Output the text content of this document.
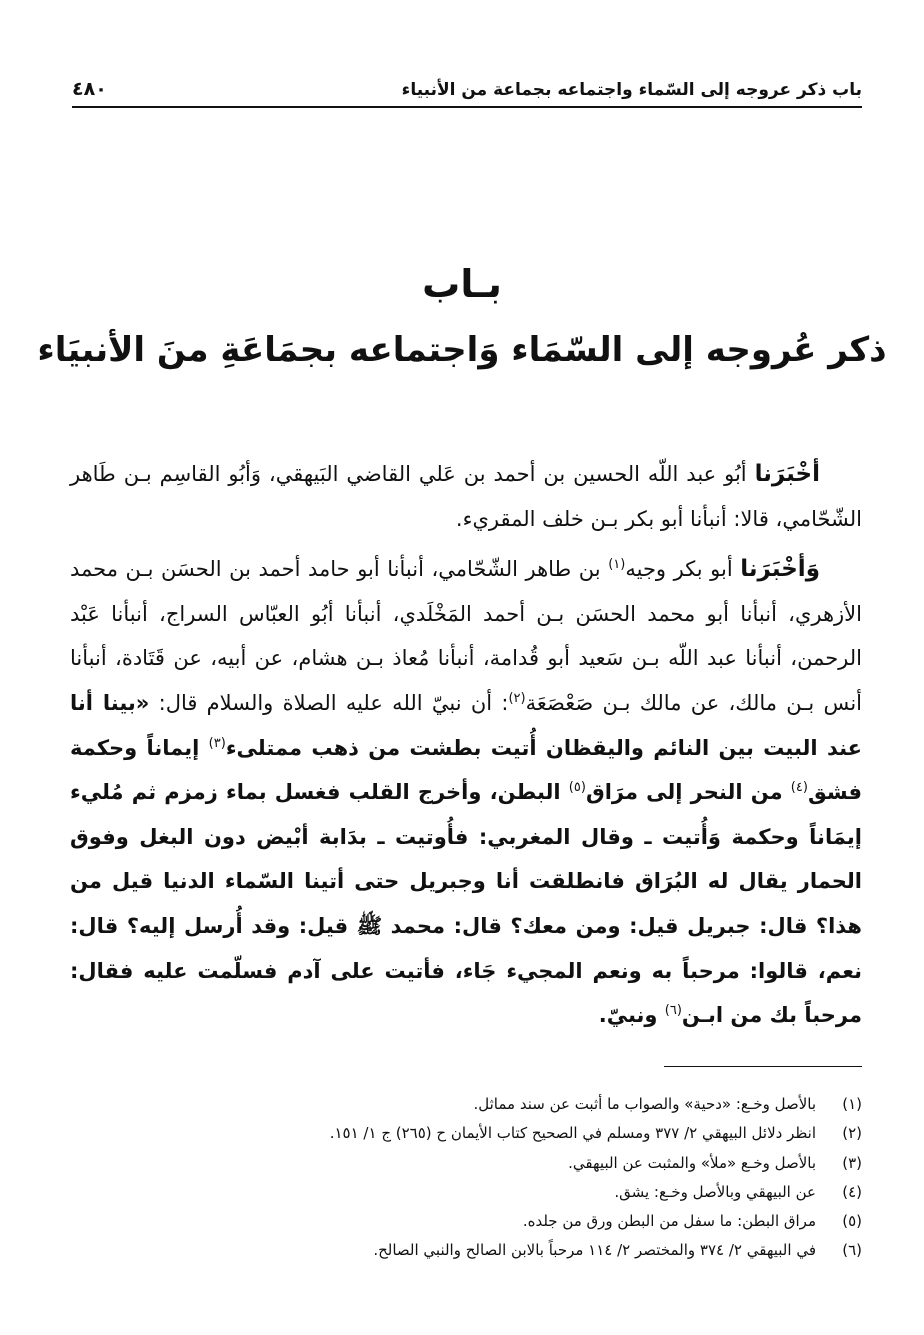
باب ذكر عروجه إلى السّماء واجتماعه بجماعة من الأنبياء
٤٨٠
بـاب
ذكر عُروجه إلى السّمَاء وَاجتماعه بجمَاعَةِ منَ الأنبيَاء

أخْبَرَنا أبُو عبد اللّه الحسين بن أحمد بن عَلي القاضي البَيهقي، وَأبُو القاسِم بـن طَاهر الشّحّامي، قالا: أنبأنا أبو بكر بـن خلف المقريء.

وَأخْبَرَنا أبو بكر وجيه$^{(١)}$ بن طاهر الشّحّامي، أنبأنا أبو حامد أحمد بن الحسَن بـن محمد الأزهري، أنبأنا أبو محمد الحسَن بـن أحمد المَخْلَدي، أنبأنا أبُو العبّاس السراج، أنبأنا عَبْد الرحمن، أنبأنا عبد اللّه بـن سَعيد أبو قُدامة، أنبأنا مُعاذ بـن هشام، عن أبيه، عن قَتَادة، أنبأنا أنس بـن مالك، عن مالك بـن صَعْصَعَة$^{(٢)}$: أن نبيّ الله عليه الصلاة والسلام قال: «بينا أنا عند البيت بين النائم واليقظان أُتيت بطشت من ذهب ممتلىء$^{(٣)}$ إيماناً وحكمة فشق$^{(٤)}$ من النحر إلى مرَاق$^{(٥)}$ البطن، وأخرج القلب فغسل بماء زمزم ثم مُليء إيمَاناً وحكمة وَأُتيت ـ وقال المغربي: فأُوتيت ـ بدَابة أبْيض دون البغل وفوق الحمار يقال له البُرَاق فانطلقت أنا وجبريل حتى أتينا السّماء الدنيا قيل من هذا؟ قال: جبريل قيل: ومن معك؟ قال: محمد ﷺ قيل: وقد أُرسل إليه؟ قال: نعم، قالوا: مرحباً به ونعم المجيء جَاء، فأتيت على آدم فسلّمت عليه فقال: مرحباً بك من ابـن$^{(٦)}$ ونبيّ.

(١)
بالأصل وخـع: «دحية» والصواب ما أثبت عن سند مماثل.
(٢)
انظر دلائل البيهقي ٢/ ٣٧٧ ومسلم في الصحيح كتاب الأيمان ح (٢٦٥) ج ١/ ١٥١.
(٣)
بالأصل وخـع «ملأ» والمثبت عن البيهقي.
(٤)
عن البيهقي وبالأصل وخـع: يشق.
(٥)
مراق البطن: ما سفل من البطن ورق من جلده.
(٦)
في البيهقي ٢/ ٣٧٤ والمختصر ٢/ ١١٤ مرحباً بالابن الصالح والنبي الصالح.
